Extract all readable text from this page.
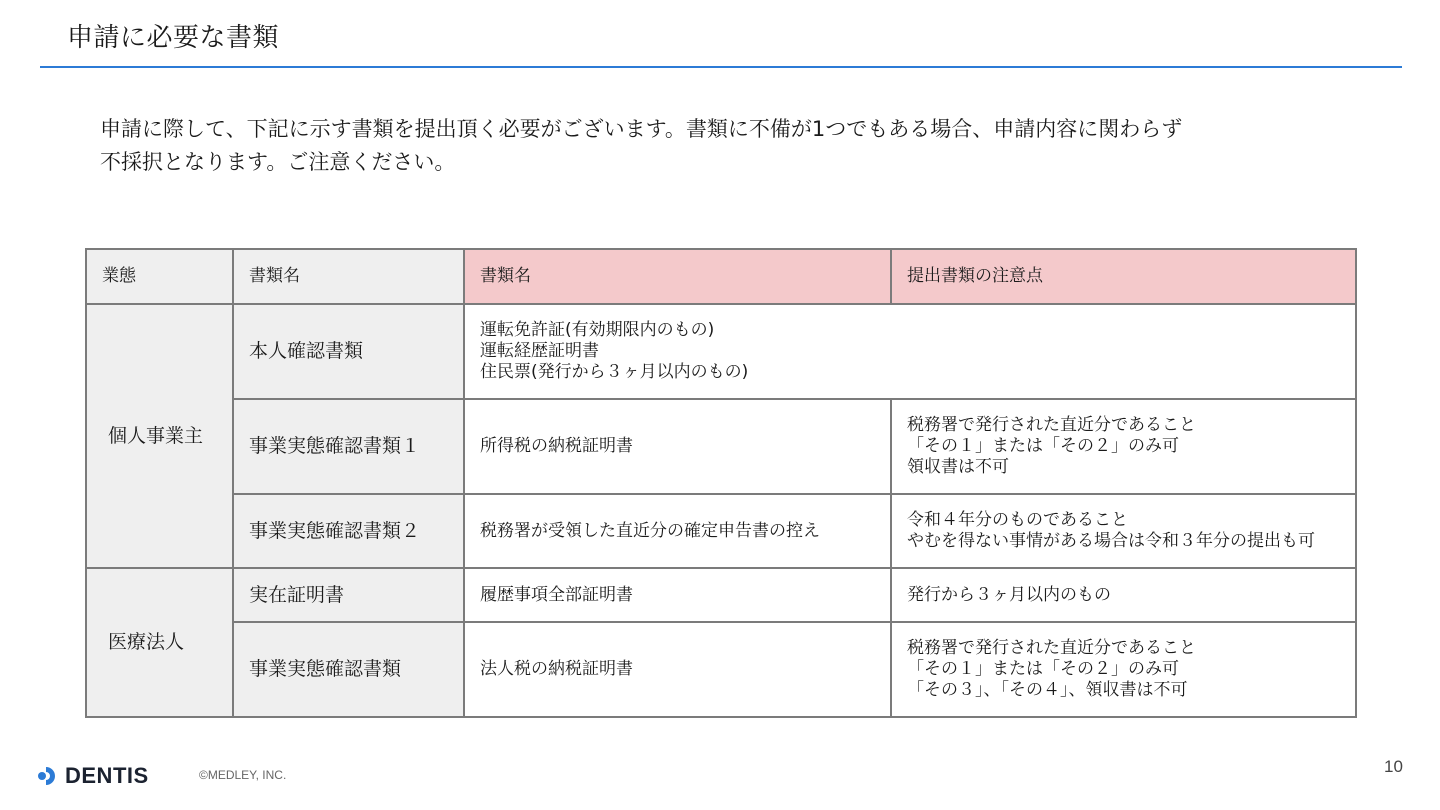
申請に必要な書類

申請に際して、下記に示す書類を提出頂く必要がございます。書類に不備が1つでもある場合、申請内容に関わらず

不採択となります。ご注意ください。

業態	書類名	書類名	提出書類の注意点
個人事業主	本人確認書類	運転免許証(有効期限内のもの)
運転経歴証明書
住民票(発行から３ヶ月以内のもの)	

	事業実態確認書類１	所得税の納税証明書	税務署で発行された直近分であること
「その１」または「その２」のみ可
領収書は不可

	事業実態確認書類２	税務署が受領した直近分の確定申告書の控え	令和４年分のものであること
やむを得ない事情がある場合は令和３年分の提出も可

医療法人	実在証明書	履歴事項全部証明書	発行から３ヶ月以内のもの

	事業実態確認書類	法人税の納税証明書	税務署で発行された直近分であること
「その１」または「その２」のみ可
「その３」、「その４」、領収書は不可
DENTIS	©MEDLEY, INC.	10
